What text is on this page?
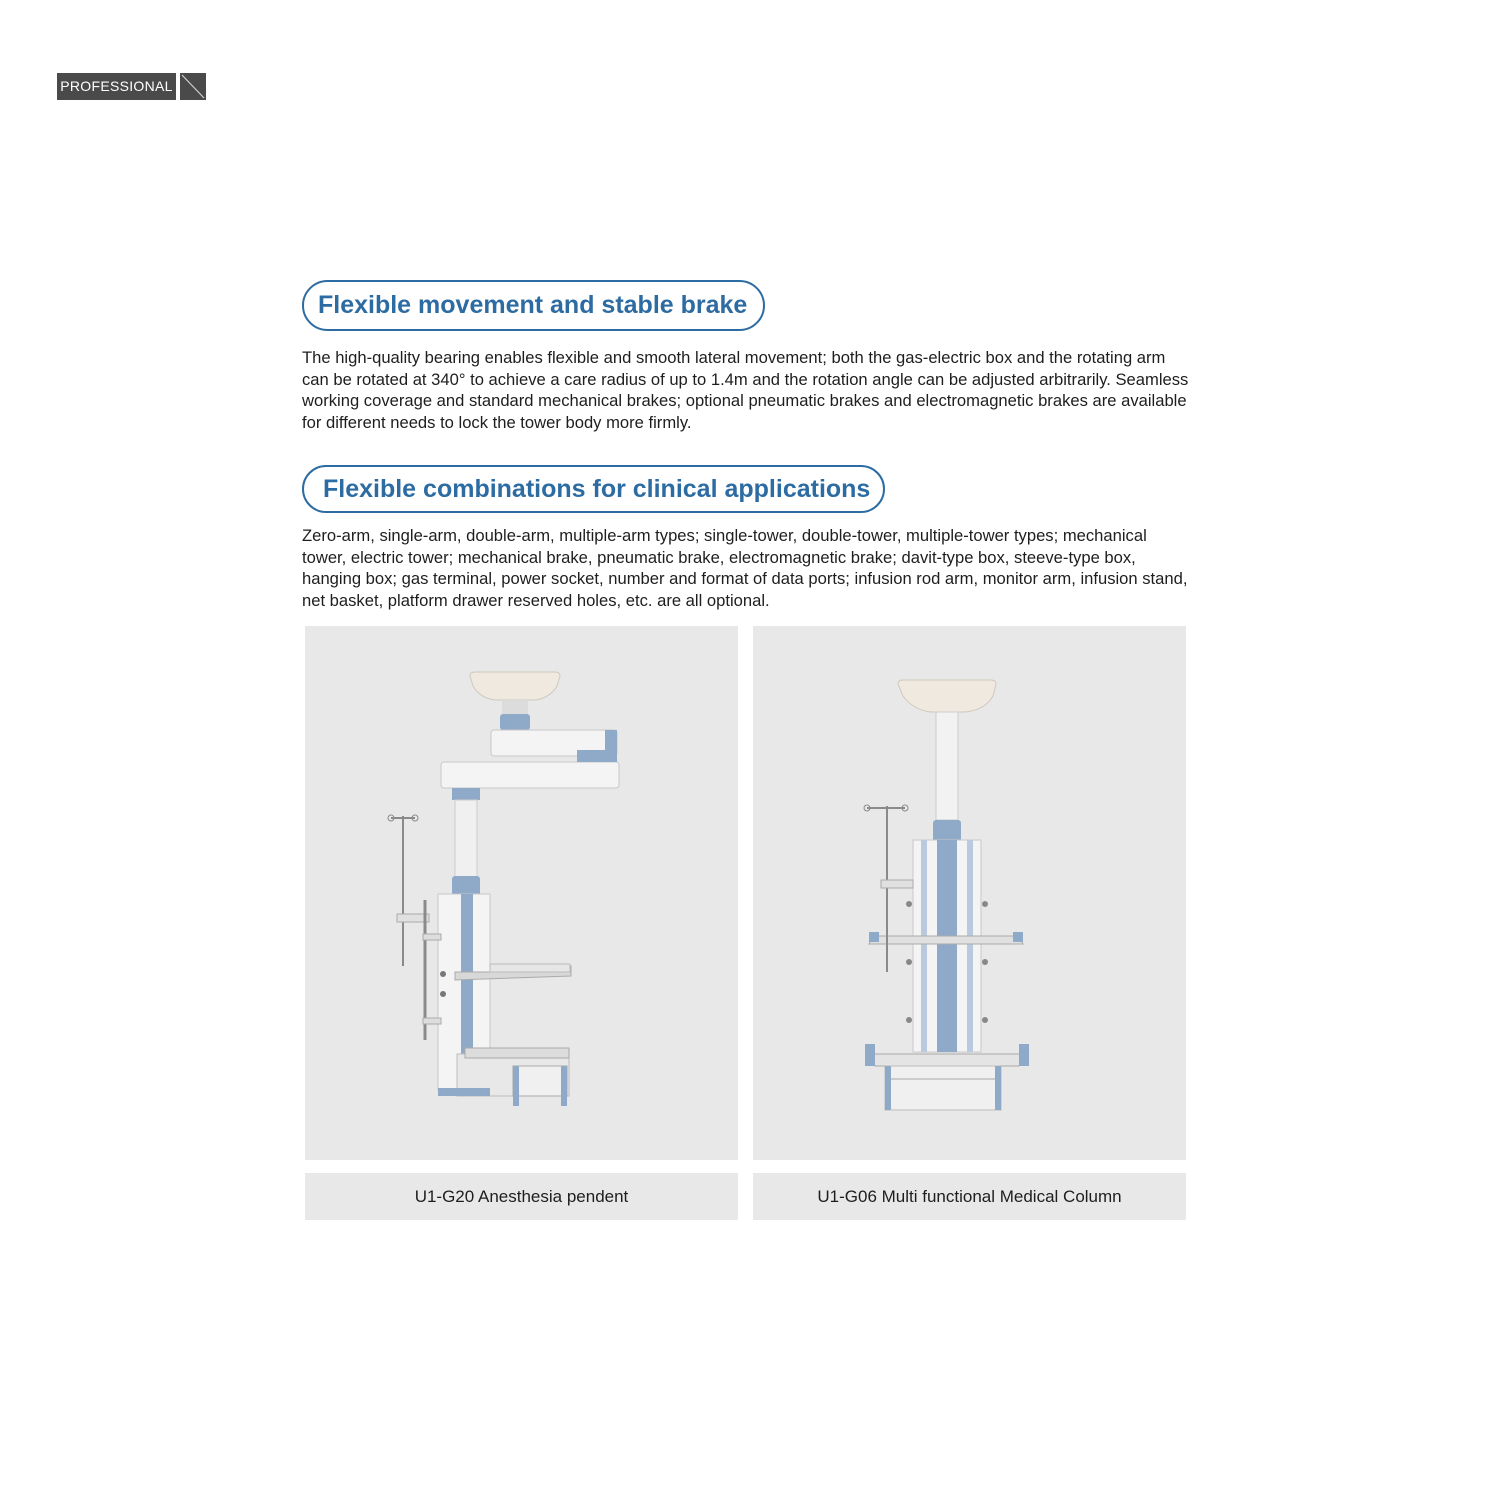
PROFESSIONAL
Flexible movement and stable brake

The high-quality bearing enables flexible and smooth lateral movement; both the gas-electric box and the rotating arm can be rotated at 340° to achieve a care radius of up to 1.4m and the rotation angle can be adjusted arbitrarily. Seamless working coverage and standard mechanical brakes; optional pneumatic brakes and electromagnetic brakes are available for different needs to lock the tower body more firmly.

Flexible combinations for clinical applications

Zero-arm, single-arm, double-arm, multiple-arm types; single-tower, double-tower, multiple-tower types; mechanical tower, electric tower; mechanical brake, pneumatic brake, electromagnetic brake; davit-type box, steeve-type box, hanging box; gas terminal, power socket, number and format of data ports; infusion rod arm, monitor arm, infusion stand, net basket, platform drawer reserved holes, etc. are all optional.

U1-G20 Anesthesia pendent	U1-G06 Multi functional Medical Column
